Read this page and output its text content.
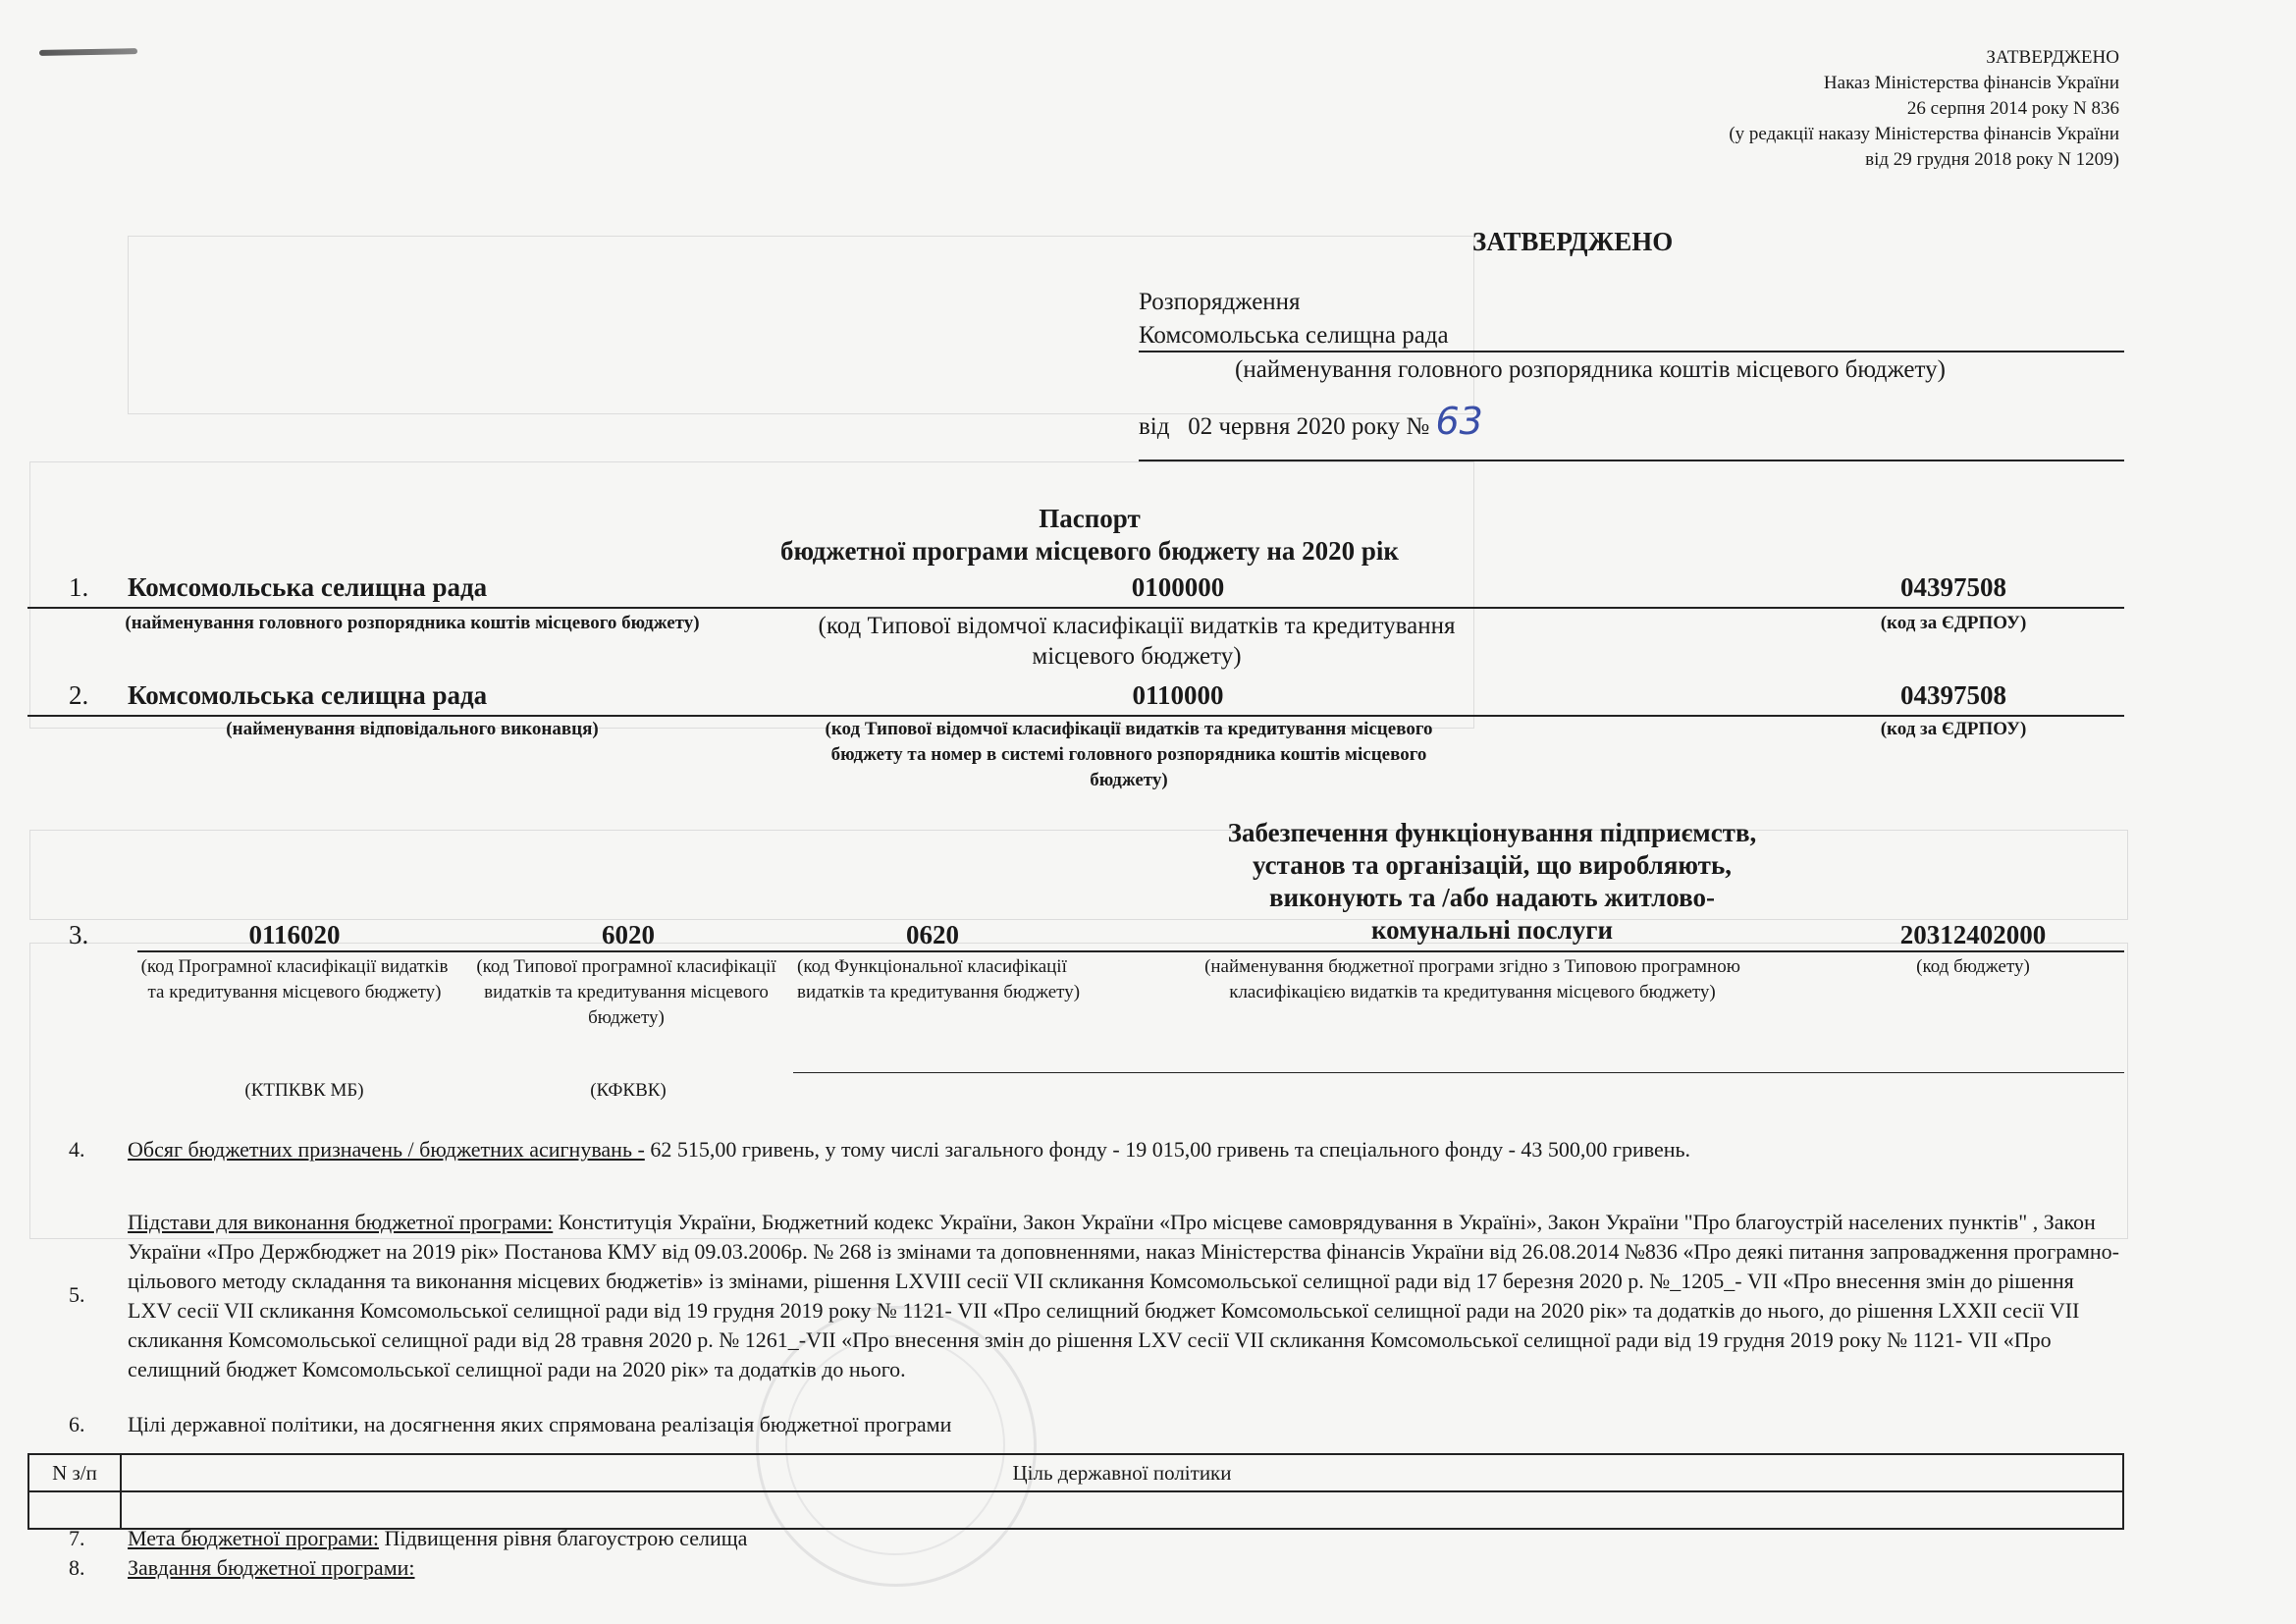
ЗАТВЕРДЖЕНО
Наказ Міністерства фінансів України
26 серпня 2014 року N 836
(у редакції наказу Міністерства фінансів України
від 29 грудня 2018 року N 1209)
ЗАТВЕРДЖЕНО
Розпорядження
Комсомольська селищна рада
(найменування головного розпорядника коштів місцевого бюджету)
від 02 червня 2020 року № 63
Паспорт
бюджетної програми місцевого бюджету на 2020 рік
1. Комсомольська селищна рада	0100000	04397508
(найменування головного розпорядника коштів місцевого бюджету)	(код Типової відомчої класифікації видатків та кредитування місцевого бюджету)
(код за ЄДРПОУ)
2. Комсомольська селищна рада	0110000	04397508
(найменування відповідального виконавця)	(код Типової відомчої класифікації видатків та кредитування місцевого бюджету та номер в системі головного розпорядника коштів місцевого бюджету)
(код за ЄДРПОУ)
Забезпечення функціонування підприємств, установ та організацій, що виробляють, виконують та /або надають житлово-комунальні послуги
3.	0116020	6020	0620	20312402000
(код Програмної класифікації видатків та кредитування місцевого бюджету)
(код Типової програмної класифікації видатків та кредитування місцевого бюджету)
(код Функціональної класифікації видатків та кредитування бюджету)
(найменування бюджетної програми згідно з Типовою програмною класифікацією видатків та кредитування місцевого бюджету)
(код бюджету)
(КТПКВК МБ)	(КФКВК)
4. Обсяг бюджетних призначень / бюджетних асигнувань - 62 515,00 гривень, у тому числі загального фонду - 19 015,00 гривень та спеціального фонду - 43 500,00 гривень.
5.
Підстави для виконання бюджетної програми: Конституція України, Бюджетний кодекс України, Закон України «Про місцеве самоврядування в Україні», Закон України "Про благоустрій населених пунктів" , Закон України «Про Держбюджет на 2019 рік» Постанова КМУ від 09.03.2006р. № 268 із змінами та доповненнями, наказ Міністерства фінансів України від 26.08.2014 №836 «Про деякі питання запровадження програмно-цільового методу складання та виконання місцевих бюджетів» із змінами, рішення LXVIII сесії VII скликання Комсомольської селищної ради від 17 березня 2020 р. №_1205_- VII «Про внесення змін до рішення LXV сесії VII скликання Комсомольської селищної ради від 19 грудня 2019 року № 1121- VII «Про селищний бюджет Комсомольської селищної ради на 2020 рік» та додатків до нього, до рішення LXXII сесії VII скликання Комсомольської селищної ради від 28 травня 2020 р. № 1261_-VII «Про внесення змін до рішення LXV сесії VII скликання Комсомольської селищної ради від 19 грудня 2019 року № 1121- VII «Про селищний бюджет Комсомольської селищної ради на 2020 рік» та додатків до нього.
6. Цілі державної політики, на досягнення яких спрямована реалізація бюджетної програми
N з/п	Ціль державної політики

7. Мета бюджетної програми: Підвищення рівня благоустрою селища
8. Завдання бюджетної програми:
